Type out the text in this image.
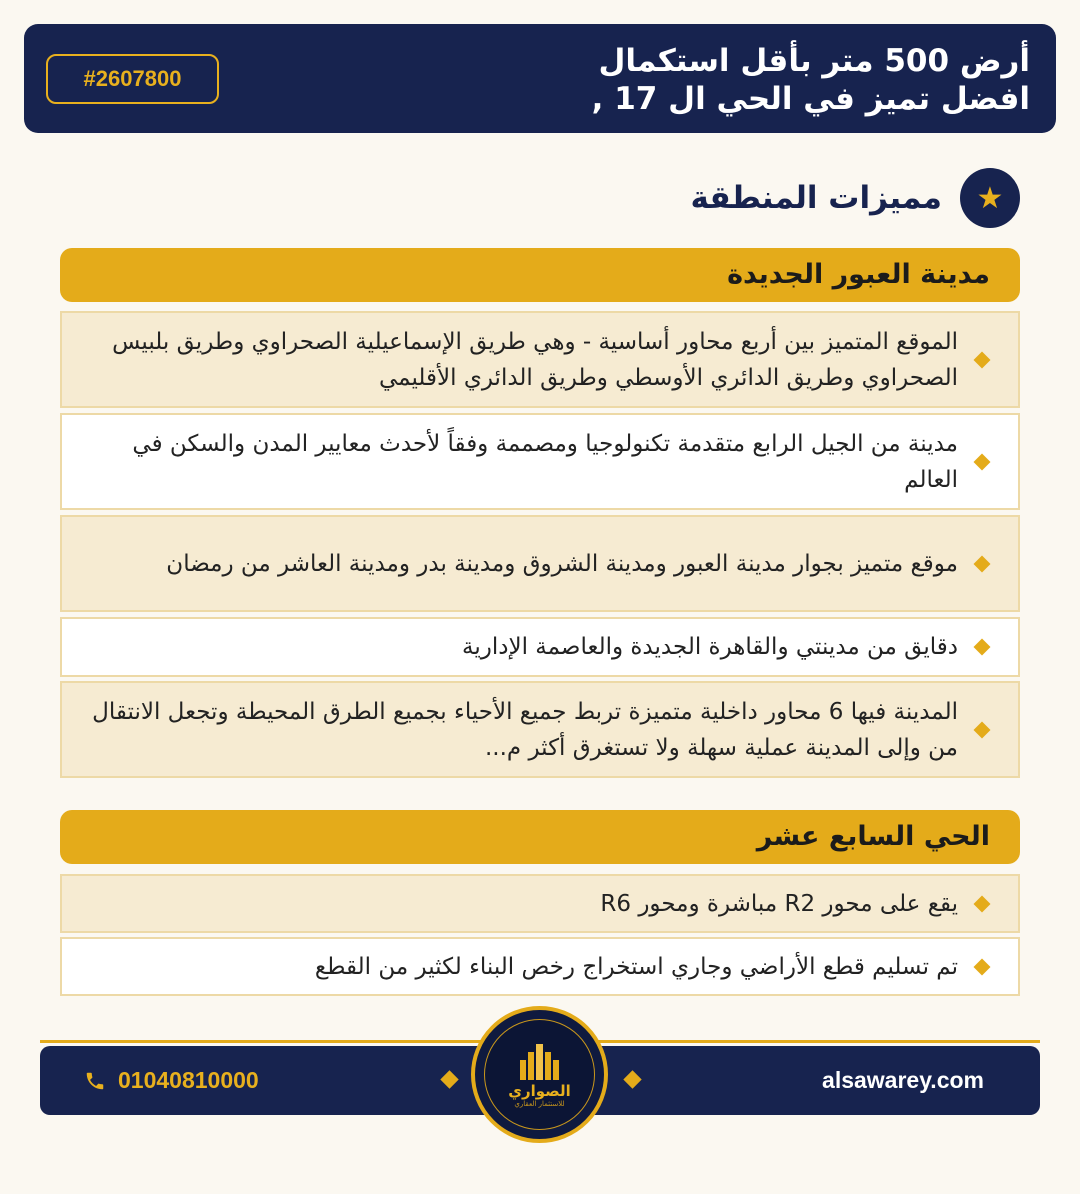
أرض 500 متر بأقل استكمال
افضل تميز في الحي ال 17 ,
#2607800
★
مميزات المنطقة
مدينة العبور الجديدة
الموقع المتميز بين أربع محاور أساسية - وهي طريق الإسماعيلية الصحراوي وطريق بلبيس الصحراوي وطريق الدائري الأوسطي وطريق الدائري الأقليمي
مدينة من الجيل الرابع متقدمة تكنولوجيا ومصممة وفقاً لأحدث معايير المدن والسكن في العالم
موقع متميز بجوار مدينة العبور ومدينة الشروق ومدينة بدر ومدينة العاشر من رمضان
دقايق من مدينتي والقاهرة الجديدة والعاصمة الإدارية
المدينة فيها 6 محاور داخلية متميزة تربط جميع الأحياء بجميع الطرق المحيطة وتجعل الانتقال من وإلى المدينة عملية سهلة ولا تستغرق أكثر م...
الحي السابع عشر
يقع على محور R2 مباشرة ومحور R6
تم تسليم قطع الأراضي وجاري استخراج رخص البناء لكثير من القطع
01040810000	alsawarey.com
الصواري
للاستثمار العقاري
